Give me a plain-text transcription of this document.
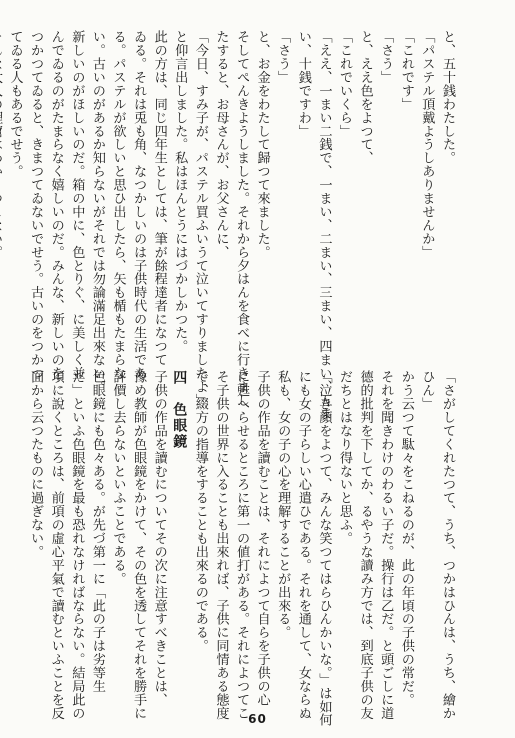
と、五十銭わたした。
「パステル頂戴ようしありませんか」
「これです」
「さう」
と、ええ色をよつて、
「これでいくら」
「ええ、一まい二銭で、一まい、二まい、三まい、四まい、五ま
い、十銭ですわ」
「さう」
と、お金をわたして歸つて來ました。
そしてぺんきようしました。それから夕はんを食べに行きまし
たすると、お母さんが、お父さんに、
「今日、すみ子が、パステル買ふいうて泣いてすりましたよ」
と仰言出しました。私はほんとうにはづかしかつた。
此の方は、同じ四年生としては、筆が餘程達者になつて
ゐる。それは兎も角、なつかしいのは子供時代の生活であ
る。パステルが欲しいと思ひ出したら、矢も楯もたまらな
い。古いのがあるか知らないがそれでは勿論滿足出來ない。
新しいのがほしいのだ。箱の中に、色とりぐ、に美しく並
んでゐるのがたまらなく嬉しいのだ。みんな、新しいのを
つかつてゐると、きまつてゐないでせう。古いのをつかつ
てゐる人もあるでせう。
「さがしてくれたつて、うち、つかはひんは、うち、繪か
ひん」
かう云つて駄々をこねるのが、此の年頃の子供の常だ。
それを聞きわけのわるい子だ。操行は乙だ。と頭ごしに道
德的批判を下してか、るやうな讀み方では、到底子供の友
だちとはなり得ないと思ふ。
「泣き顔をよつて、みんな笑つてはらひんかいな。」は如何
にも女の子らしい心遣ひである。それを通して、女ならぬ
私も、女の子の心を理解することが出來る。
子供の作品を讀むことは、それによつて自らを子供の心
に甦へらせるところに第一の値打がある。それによつてこ
そ子供の世界に入ることも出來れば、子供に同情ある態度
で、綴方の指導をすることも出來るのである。
四　色眼鏡
子供の作品を讀むについてその次に注意すべきことは、
豫め教師が色眼鏡をかけて、その色を透してそれを勝手に
評價し去らないといふことである。
色眼鏡にも色々ある。が先づ第一に「此の子は劣等生
だ」といふ色眼鏡を最も恐れなければならない。結局此の
項に說くところは、前項の虛心平氣で讀むといふことを反
面から云つたものに過ぎない。
60
